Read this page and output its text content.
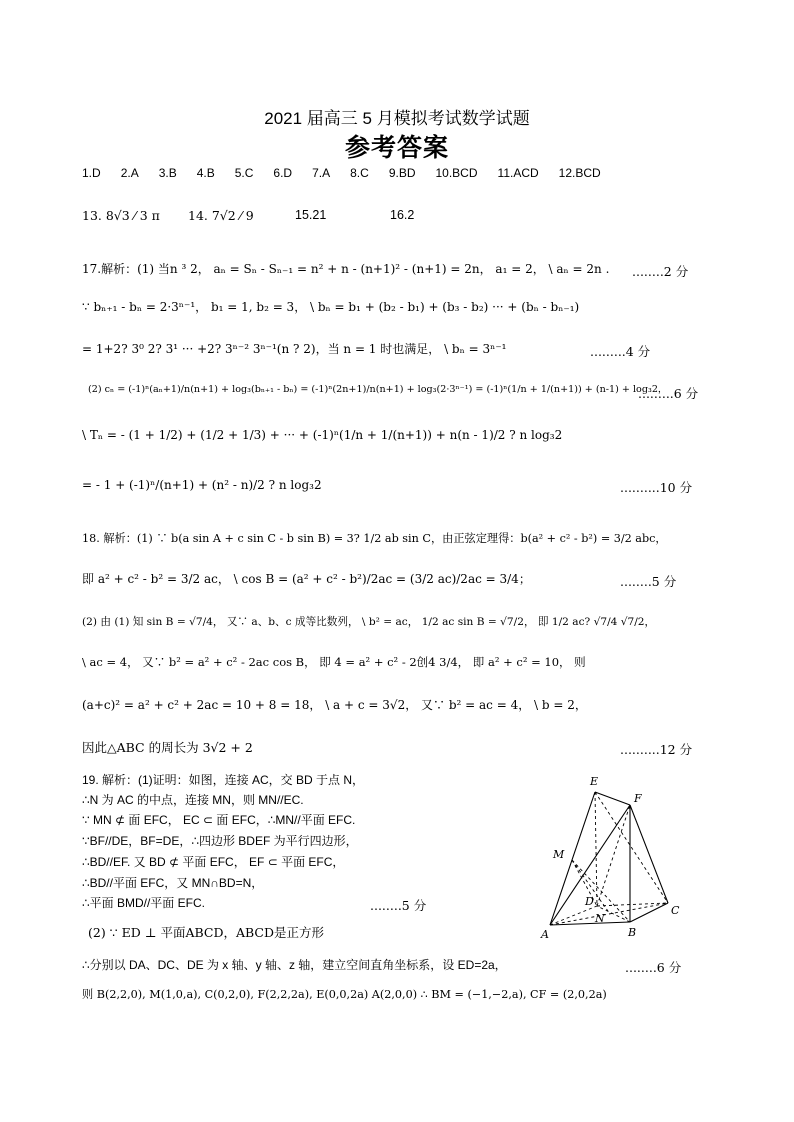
2021 届高三 5 月模拟考试数学试题
参考答案
1.D 2.A 3.B 4.B 5.C 6.D 7.A 8.C 9.BD 10.BCD 11.ACD 12.BCD
13. 8√3 ⁄ 3 π 14. 7√2 ⁄ 9	15.21	16.2
17.解析：(1) 当n ³ 2， aₙ = Sₙ - Sₙ₋₁ = n² + n - (n+1)² - (n+1) = 2n， a₁ = 2， \ aₙ = 2n . ........2 分
∵ bₙ₊₁ - bₙ = 2·3ⁿ⁻¹， b₁ = 1, b₂ = 3， \ bₙ = b₁ + (b₂ - b₁) + (b₃ - b₂) ··· + (bₙ - bₙ₋₁)
= 1+2? 3⁰ 2? 3¹ ··· +2? 3ⁿ⁻² 3ⁿ⁻¹(n ? 2)，当 n = 1 时也满足， \ bₙ = 3ⁿ⁻¹	.........4 分
(2) cₙ = (-1)ⁿ(aₙ+1)/n(n+1) + log₃(bₙ₊₁ - bₙ) = (-1)ⁿ(2n+1)/n(n+1) + log₃(2·3ⁿ⁻¹) = (-1)ⁿ(1/n + 1/(n+1)) + (n-1) + log₃2，
.........6 分
\ Tₙ = - (1 + 1/2) + (1/2 + 1/3) + ··· + (-1)ⁿ(1/n + 1/(n+1)) + n(n - 1)/2 ? n log₃2
= - 1 + (-1)ⁿ/(n+1) + (n² - n)/2 ? n log₃2	..........10 分
18. 解析：(1) ∵ b(a sin A + c sin C - b sin B) = 3? 1/2 ab sin C，由正弦定理得：b(a² + c² - b²) = 3/2 abc，
即 a² + c² - b² = 3/2 ac， \ cos B = (a² + c² - b²)/2ac = (3/2 ac)/2ac = 3/4；	........5 分
(2) 由 (1) 知 sin B = √7/4， 又∵ a、b、c 成等比数列， \ b² = ac， 1/2 ac sin B = √7/2， 即 1/2 ac? √7/4 √7/2，
\ ac = 4， 又∵ b² = a² + c² - 2ac cos B， 即 4 = a² + c² - 2创4 3/4， 即 a² + c² = 10， 则
(a+c)² = a² + c² + 2ac = 10 + 8 = 18， \ a + c = 3√2， 又∵ b² = ac = 4， \ b = 2，
因此△ABC 的周长为 3√2 + 2	..........12 分
19. 解析：(1)证明：如图，连接 AC，交 BD 于点 N，
∴N 为 AC 的中点，连接 MN，则 MN//EC.
∵ MN ⊄ 面 EFC， EC ⊂ 面 EFC，∴MN//平面 EFC.
∵BF//DE，BF=DE，∴四边形 BDEF 为平行四边形，
∴BD//EF. 又 BD ⊄ 平面 EFC， EF ⊂ 平面 EFC，
∴BD//平面 EFC，又 MN∩BD=N，
∴平面 BMD//平面 EFC.	........5 分
(2) ∵ ED ⊥ 平面ABCD，ABCD是正方形
∴分别以 DA、DC、DE 为 x 轴、y 轴、z 轴，建立空间直角坐标系，设 ED=2a，	........6 分
则 B(2,2,0), M(1,0,a), C(0,2,0), F(2,2,2a), E(0,0,2a) A(2,0,0) ∴ BM = (−1,−2,a), CF = (2,0,2a)
E
F
M
D
N
C
A	B
